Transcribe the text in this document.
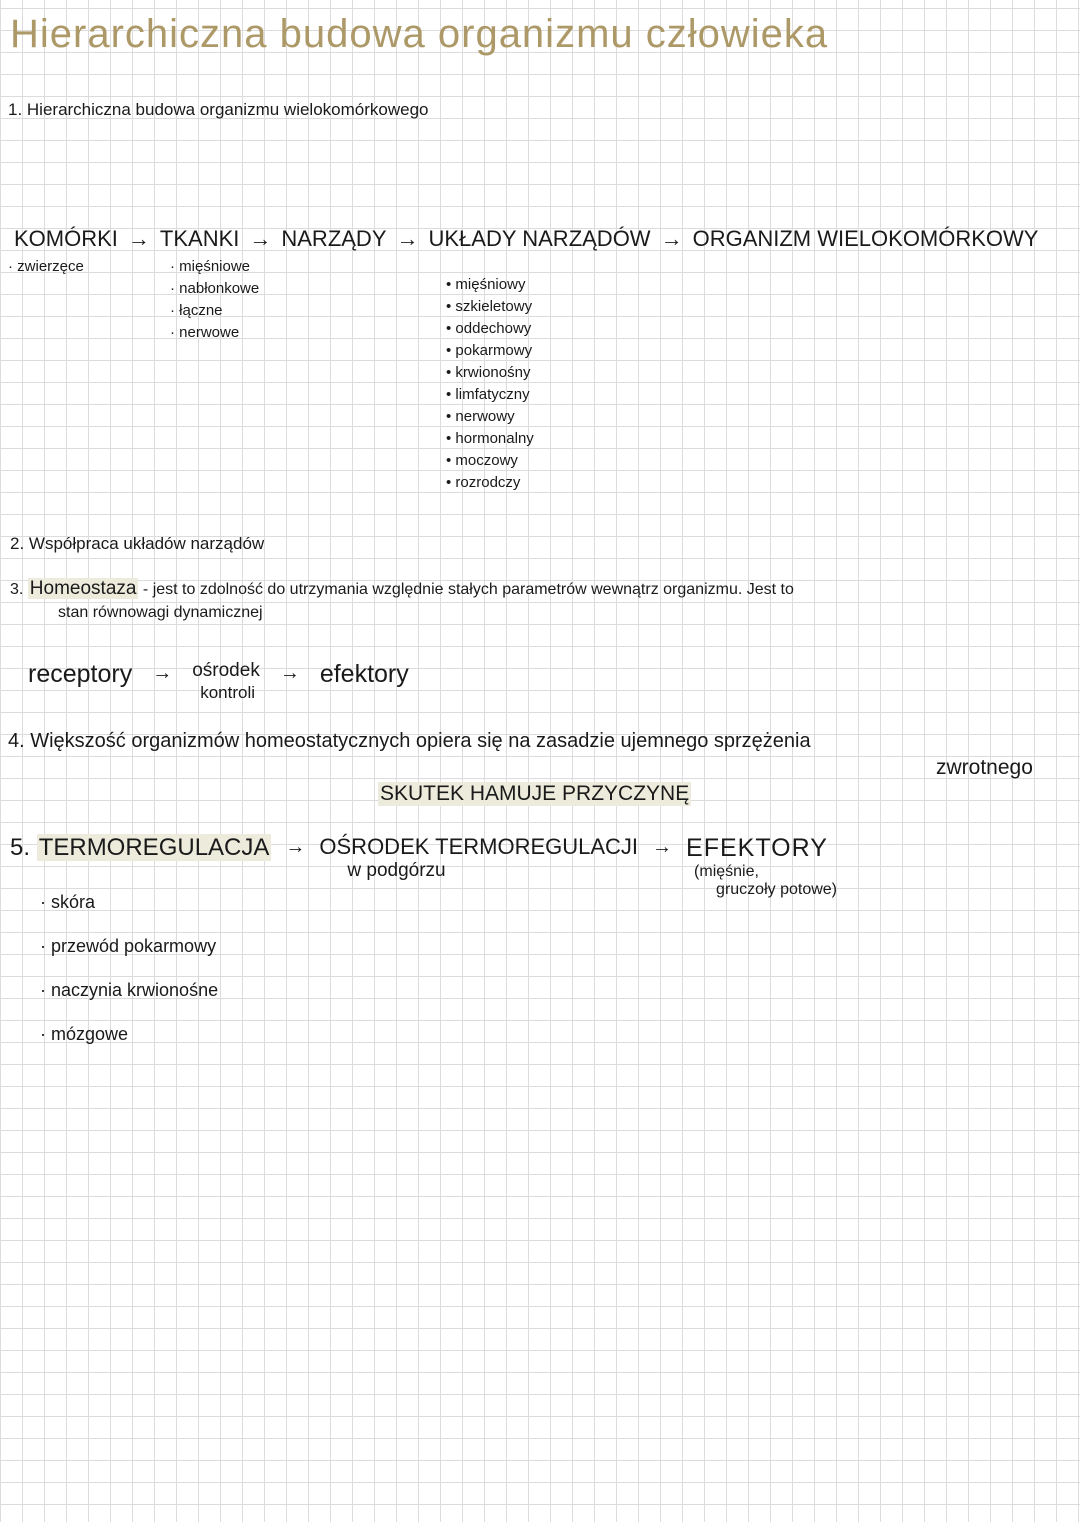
Hierarchiczna budowa organizmu człowieka
1. Hierarchiczna budowa organizmu wielokomórkowego
KOMÓRKI → TKANKI → NARZĄDY → UKŁADY NARZĄDÓW → ORGANIZM WIELOKOMÓRKOWY
· zwierzęce	· mięśniowe
· nabłonkowe
· łączne
· nerwowe
• mięśniowy
• szkieletowy
• oddechowy
• pokarmowy
• krwionośny
• limfatyczny
• nerwowy
• hormonalny
• moczowy
• rozrodczy
2. Współpraca układów narządów
3. Homeostaza - jest to zdolność do utrzymania względnie stałych parametrów wewnątrz organizmu. Jest to
stan równowagi dynamicznej
receptory → ośrodek
kontroli
→ efektory
4. Większość organizmów homeostatycznych opiera się na zasadzie ujemnego sprzężenia
zwrotnego
SKUTEK HAMUJE PRZYCZYNĘ
5. TERMOREGULACJA → OŚRODEK TERMOREGULACJI
w podgórzu
→ EFEKTORY
(mięśnie,
gruczoły potowe)
· skóra
· przewód pokarmowy
· naczynia krwionośne
· mózgowe
